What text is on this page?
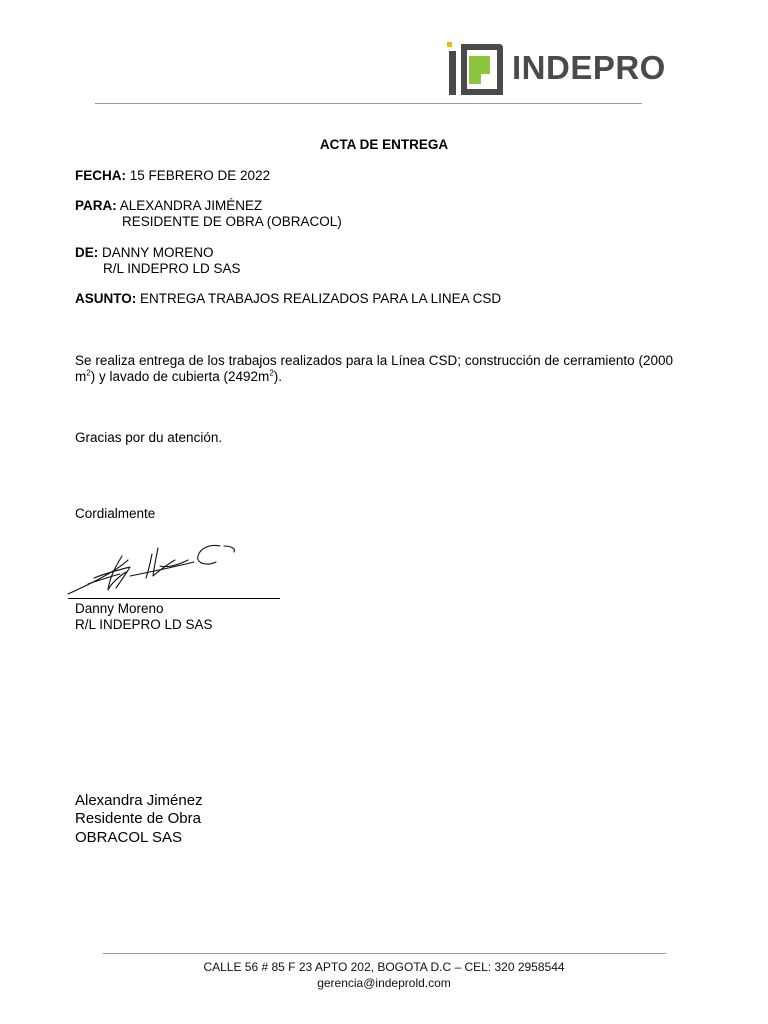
INDEPRO
ACTA DE ENTREGA
FECHA: 15 FEBRERO DE 2022
PARA: ALEXANDRA JIMÉNEZ
RESIDENTE DE OBRA (OBRACOL)
DE: DANNY MORENO
R/L INDEPRO LD SAS
ASUNTO: ENTREGA TRABAJOS REALIZADOS PARA LA LINEA CSD
Se realiza entrega de los trabajos realizados para la Línea CSD; construcción de cerramiento (2000 $m^2$) y lavado de cubierta $(2492m^2)$.
Gracias por du atención.
Cordialmente
Danny Moreno
R/L INDEPRO LD SAS
Alexandra Jiménez
Residente de Obra
OBRACOL SAS
CALLE 56 # 85 F 23 APTO 202, BOGOTA D.C – CEL: 320 2958544
gerencia@indeprold.com
